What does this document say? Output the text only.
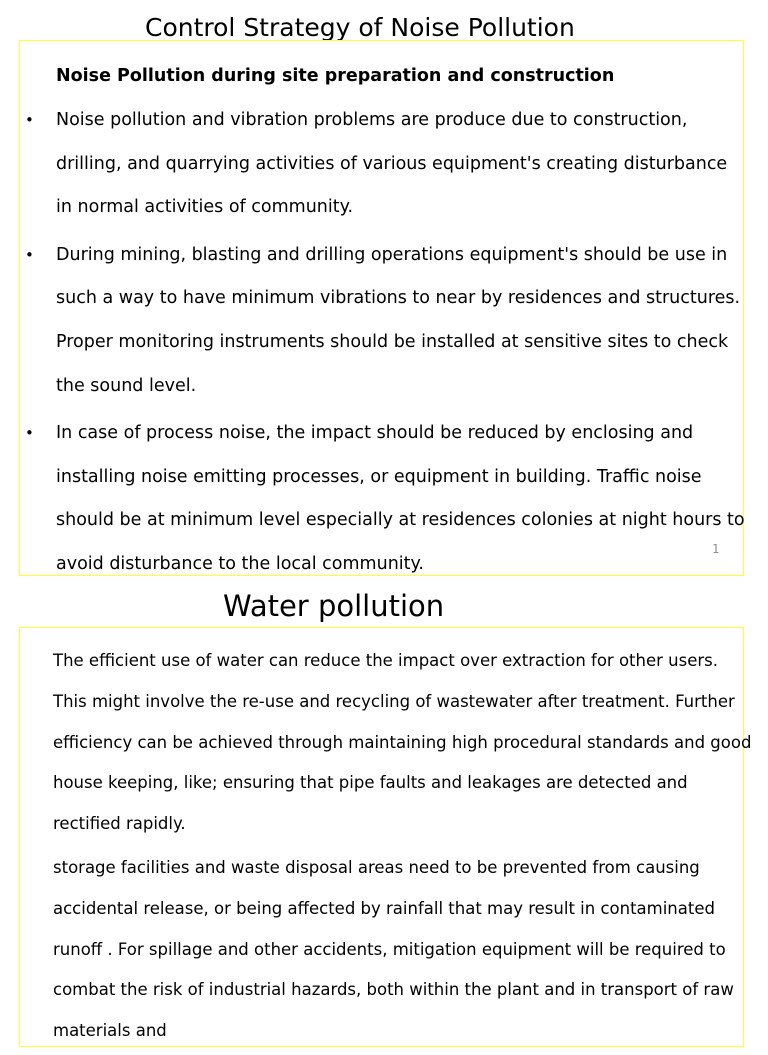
Control Strategy of Noise Pollution

Noise Pollution during site preparation and construction

• Noise pollution and vibration problems are produce due to construction,
drilling, and quarrying activities of various equipment's creating disturbance
in normal activities of community.
• During mining, blasting and drilling operations equipment's should be use in
such a way to have minimum vibrations to near by residences and structures.
Proper monitoring instruments should be installed at sensitive sites to check
the sound level.
• In case of process noise, the impact should be reduced by enclosing and
installing noise emitting processes, or equipment in building. Traffic noise
should be at minimum level especially at residences colonies at night hours to
avoid disturbance to the local community.
1
Water pollution
The efficient use of water can reduce the impact over extraction for other users.
This might involve the re-use and recycling of wastewater after treatment. Further
efficiency can be achieved through maintaining high procedural standards and good
house keeping, like; ensuring that pipe faults and leakages are detected and
rectified rapidly.
storage facilities and waste disposal areas need to be prevented from causing
accidental release, or being affected by rainfall that may result in contaminated
runoff . For spillage and other accidents, mitigation equipment will be required to
combat the risk of industrial hazards, both within the plant and in transport of raw
materials and
